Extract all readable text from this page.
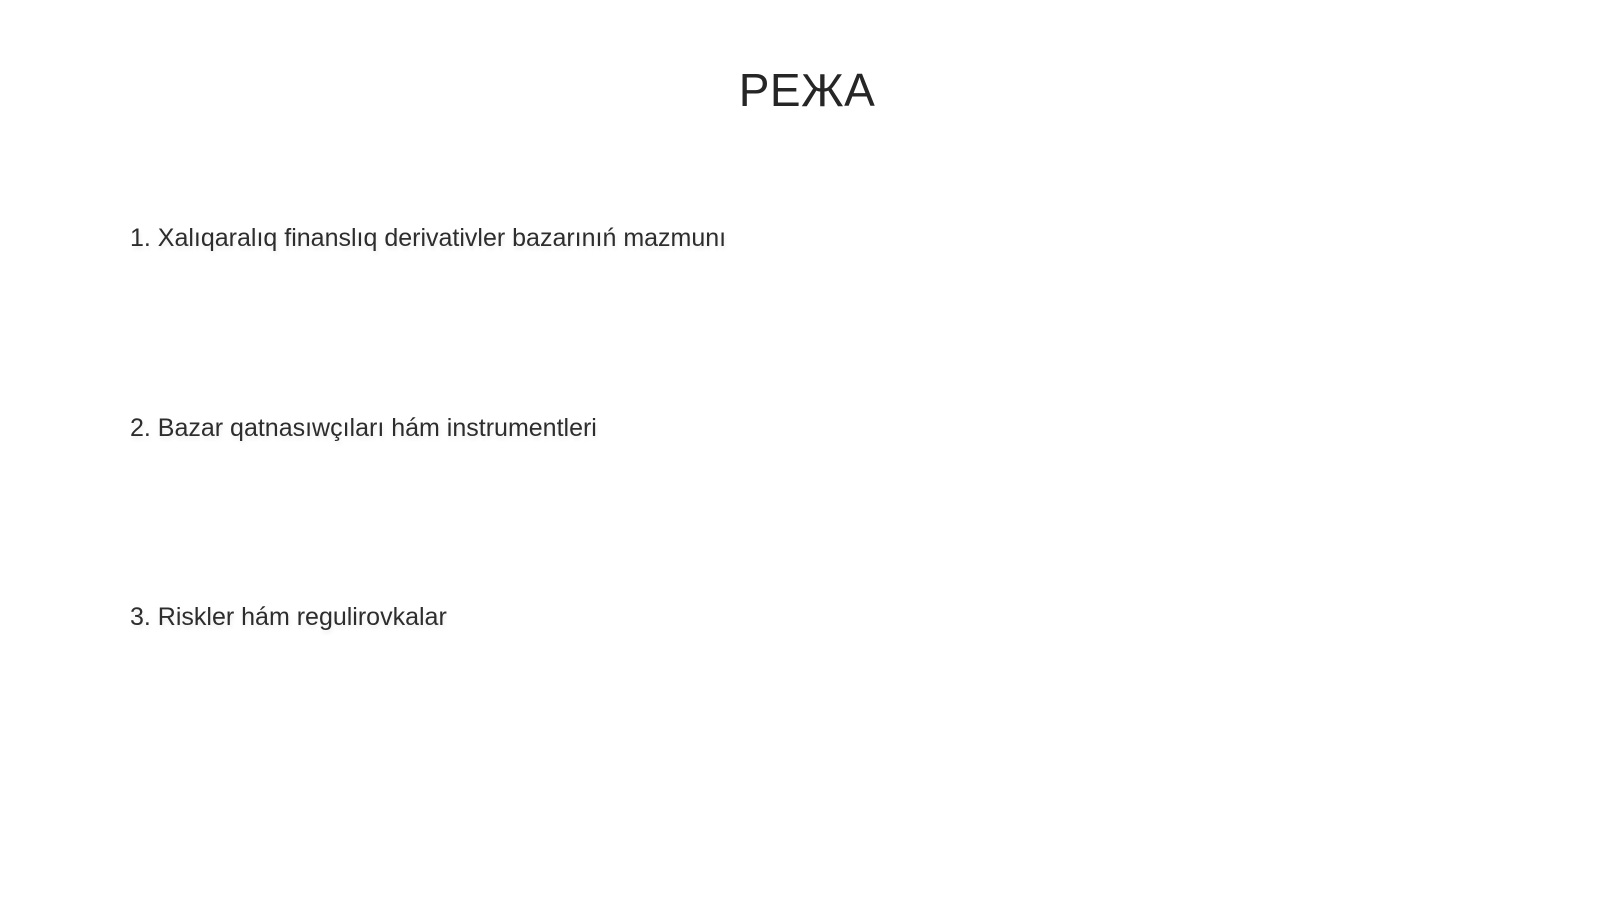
РЕЖА
1. Xalıqaralıq finanslıq derivativler bazarınıń mazmunı
2. Bazar qatnasıwçıları hám instrumentleri
3. Riskler hám regulirovkalar
